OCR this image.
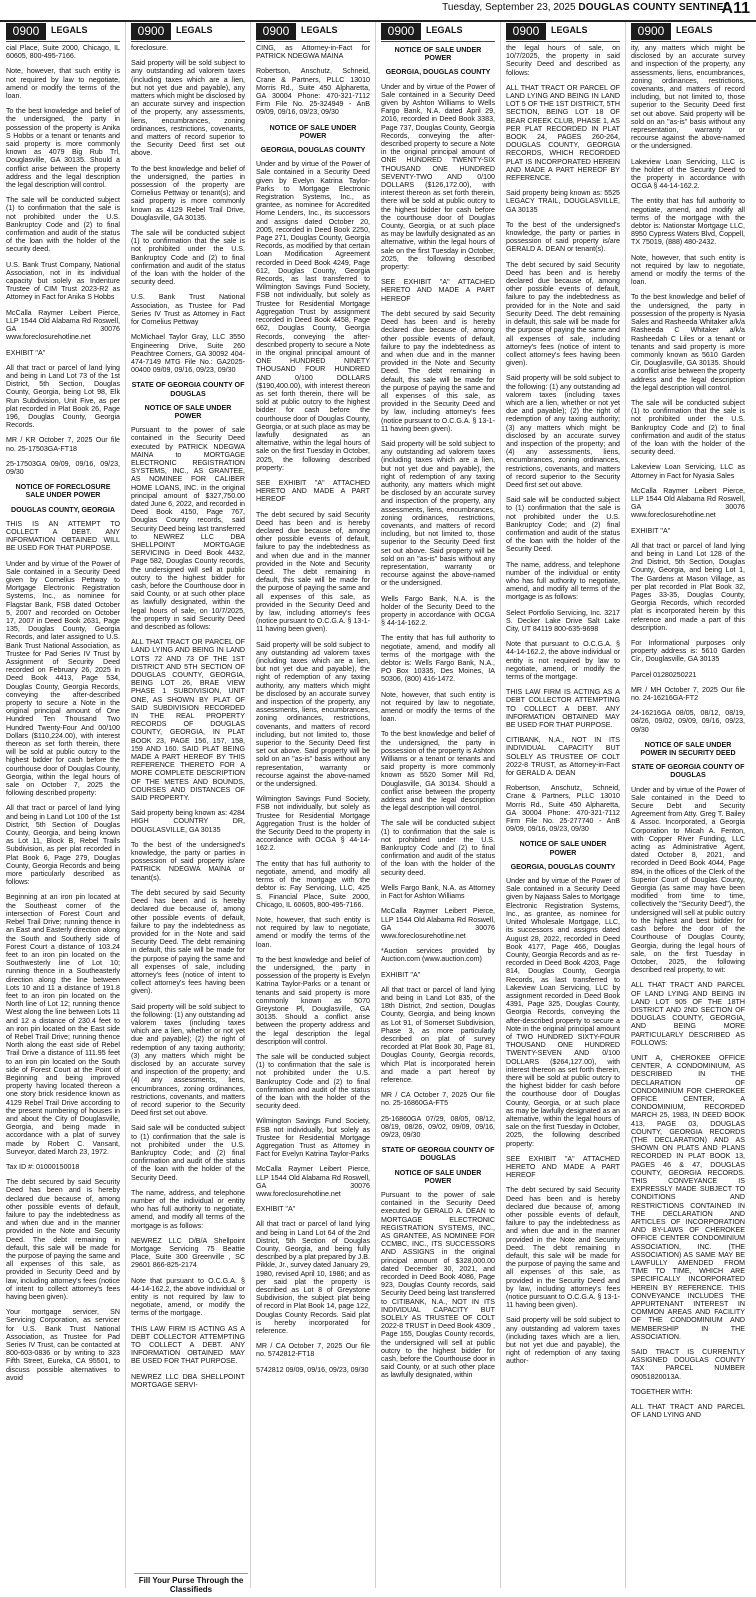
Tuesday, September 23, 2025 DOUGLAS COUNTY SENTINEL
A11
0900	LEGALS

cial Place, Suite 2000, Chicago, IL 60605, 800-495-7166.

Note, however, that such entity is not required by law to negotiate, amend or modify the terms of the loan.

To the best knowledge and belief of the undersigned, the party in possession of the property is Anika S Hobbs or a tenant or tenants and said property is more commonly known as 4079 Big Rub Trl, Douglasville, GA 30135. Should a conflict arise between the property address and the legal description the legal description will control.

The sale will be conducted subject (1) to confirmation that the sale is not prohibited under the U.S. Bankruptcy Code and (2) to final confirmation and audit of the status of the loan with the holder of the security deed.

U.S. Bank Trust Company, National Association, not in its individual capacity but solely as Indenture Trustee of CIM Trust 2023-R2 as Attorney in Fact for Anika S Hobbs

McCalla Raymer Leibert Pierce, LLP 1544 Old Alabama Rd Roswell, GA 30076 www.foreclosurehotline.net

EXHIBIT "A"

All that tract or parcel of land lying and being in Land Lot 73 of the 1st District, 5th Section, Douglas County, Georgia, being Lot 98, Elk Run Subdivision, Unit Five, as per plat recorded in Plat Book 26, Page 196, Douglas County, Georgia Records.

MR / KR October 7, 2025 Our file no. 25-17503GA-FT18

25-17503GA 09/09, 09/16, 09/23, 09/30

NOTICE OF FORECLOSURE SALE UNDER POWER

DOUGLAS COUNTY, GEORGIA

THIS IS AN ATTEMPT TO COLLECT A DEBT. ANY INFORMATION OBTAINED WILL BE USED FOR THAT PURPOSE.

Under and by virtue of the Power of Sale contained in a Security Deed given by Cornelius Pettway to Mortgage Electronic Registration Systems, Inc., as nominee for Flagstar Bank, FSB dated October 5, 2007 and recorded on October 17, 2007 in Deed Book 2631, Page 135, Douglas County, Georgia Records, and later assigned to U.S. Bank Trust National Association, as Trustee for Pad Series IV Trust by Assignment of Security Deed recorded on February 26, 2025 in Deed Book 4413, Page 534, Douglas County, Georgia Records, conveying the after-described property to secure a Note in the original principal amount of One Hundred Ten Thousand Two Hundred Twenty-Four And 00/100 Dollars ($110,224.00), with interest thereon as set forth therein, there will be sold at public outcry to the highest bidder for cash before the courthouse door of Douglas County, Georgia, within the legal hours of sale on October 7, 2025 the following described property:

All that tract or parcel of land lying and being in Land Lot 100 of the 1st District, 5th Section of Douglas County, Georgia, and being known as Lot 11, Block B, Rebel Trails Subdivision, as per plat recorded in Plat Book 6, Page 279, Douglas County, Georgia Records and being more particularly described as follows:

Beginning at an iron pin located at the Southeast corner of the intersection of Forest Court and Rebel Trail Drive; running thence in an East and Easterly direction along the South and Southerly side of Forest Court a distance of 103.24 feet to an iron pin located on the Southwesterly line of Lot 10; running thence in a Southeasterly direction along the line between Lots 10 and 11 a distance of 191.8 feet to an iron pin located on the North line of Lot 12; running thence West along the line between Lots 11 and 12 a distance of 230.4 feet to an iron pin located on the East side of Rebel Trail Drive; running thence North along the east side of Rebel Trail Drive a distance of 111.95 feet to an iron pin located on the South side of Forest Court at the Point of Beginning and being improved property having located thereon a one story brick residence known as 4129 Rebel Trail Drive according to the present numbering of houses in and about the City of Douglasville, Georgia, and being made in accordance with a plat of survey made by Robert C. Vansant, Surveyor, dated March 23, 1972.

Tax ID #: 01000150018

The debt secured by said Security Deed has been and is hereby declared due because of, among other possible events of default, failure to pay the indebtedness as and when due and in the manner provided in the Note and Security Deed. The debt remaining in default, this sale will be made for the purpose of paying the same and all expenses of this sale, as provided in Security Deed and by law, including attorney's fees (notice of intent to collect attorney's fees having been given).

Your mortgage servicer, SN Servicing Corporation, as servicer for U.S. Bank Trust National Association, as Trustee for Pad Series IV Trust, can be contacted at 800-603-0836 or by writing to 323 Fifth Street, Eureka, CA 95501, to discuss possible alternatives to avoid

0900	LEGALS

foreclosure.

Said property will be sold subject to any outstanding ad valorem taxes (including taxes which are a lien, but not yet due and payable), any matters which might be disclosed by an accurate survey and inspection of the property, any assessments, liens, encumbrances, zoning ordinances, restrictions, covenants, and matters of record superior to the Security Deed first set out above.

To the best knowledge and belief of the undersigned, the parties in possession of the property are Cornelius Pettway or tenant(s); and said property is more commonly known as 4129 Rebel Trail Drive, Douglasville, GA 30135.

The sale will be conducted subject (1) to confirmation that the sale is not prohibited under the U.S. Bankruptcy Code and (2) to final confirmation and audit of the status of the loan with the holder of the security deed.

U.S. Bank Trust National Association, as Trustee for Pad Series IV Trust as Attorney in Fact for Cornelius Pettway

McMichael Taylor Gray, LLC 3550 Engineering Drive, Suite 260 Peachtree Corners, GA 30092 404-474-7149 MTG File No.: GA2025-00400 09/09, 09/16, 09/23, 09/30

STATE OF GEORGIA COUNTY OF DOUGLAS

NOTICE OF SALE UNDER POWER

Pursuant to the power of sale contained in the Security Deed executed by PATRICK NDEGWA MAINA to MORTGAGE ELECTRONIC REGISTRATION SYSTEMS, INC., AS GRANTEE, AS NOMINEE FOR CALIBER HOME LOANS, INC. in the original principal amount of $327,750.00 dated June 6, 2022, and recorded in Deed Book 4150, Page 767, Douglas County records, said Security Deed being last transferred to NEWREZ LLC DBA SHELLPOINT MORTGAGE SERVICING in Deed Book 4432, Page 582, Douglas County records, the undersigned will sell at public outcry to the highest bidder for cash, before the Courthouse door in said County, or at such other place as lawfully designated, within the legal hours of sale, on 10/7/2025, the property in said Security Deed and described as follows:

ALL THAT TRACT OR PARCEL OF LAND LYING AND BEING IN LAND LOTS 72 AND 73 OF THE 1ST DISTRICT AND 5TH SECTION OF DOUGLAS COUNTY, GEORGIA, BEING LOT 26, BRAE VIEW PHASE 1 SUBDIVISION, UNIT ONE, AS SHOWN BY PLAT OF SAID SUBDIVISION RECORDED IN THE REAL PROPERTY RECORDS OF DOUGLAS COUNTY, GEORGIA, IN PLAT BOOK 23, PAGE 156, 157, 158, 159 AND 160. SAID PLAT BEING MADE A PART HEREOF BY THIS REFERENCE THERETO FOR A MORE COMPLETE DESCRIPTION OF THE METES AND BOUNDS, COURSES AND DISTANCES OF SAID PROPERTY.

Said property being known as: 4284 HIGH COUNTRY DR, DOUGLASVILLE, GA 30135

To the best of the undersigned's knowledge, the party or parties in possession of said property is/are PATRICK NDEGWA MAINA or tenant(s).

The debt secured by said Security Deed has been and is hereby declared due because of, among other possible events of default, failure to pay the indebtedness as provided for in the Note and said Security Deed. The debt remaining in default, this sale will be made for the purpose of paying the same and all expenses of sale, including attorney's fees (notice of intent to collect attorney's fees having been given).

Said property will be sold subject to the following: (1) any outstanding ad valorem taxes (including taxes which are a lien, whether or not yet due and payable); (2) the right of redemption of any taxing authority; (3) any matters which might be disclosed by an accurate survey and inspection of the property; and (4) any assessments, liens, encumbrances, zoning ordinances, restrictions, covenants, and matters of record superior to the Security Deed first set out above.

Said sale will be conducted subject to (1) confirmation that the sale is not prohibited under the U.S. Bankruptcy Code; and (2) final confirmation and audit of the status of the loan with the holder of the Security Deed.

The name, address, and telephone number of the individual or entity who has full authority to negotiate, amend, and modify all terms of the mortgage is as follows:

NEWREZ LLC D/B/A Shellpoint Mortgage Servicing 75 Beattie Place, Suite 300 Greenville , SC 29601 866-825-2174

Note that pursuant to O.C.G.A. § 44-14-162.2, the above individual or entity is not required by law to negotiate, amend, or modify the terms of the mortgage.

THIS LAW FIRM IS ACTING AS A DEBT COLLECTOR ATTEMPTING TO COLLECT A DEBT. ANY INFORMATION OBTAINED MAY BE USED FOR THAT PURPOSE.

NEWREZ LLC DBA SHELLPOINT MORTGAGE SERVI-

0900	LEGALS

CING, as Attorney-in-Fact for PATRICK NDEGWA MAINA

Robertson, Anschutz, Schneid, Crane & Partners, PLLC 13010 Morris Rd., Suite 450 Alpharetta, GA 30004 Phone: 470-321-7112 Firm File No. 25-324949 - AnB 09/09, 09/16, 09/23, 09/30

NOTICE OF SALE UNDER POWER

GEORGIA, DOUGLAS COUNTY

Under and by virtue of the Power of Sale contained in a Security Deed given by Evelyn Katrina Taylor-Parks to Mortgage Electronic Registration Systems, Inc., as grantee, as nominee for Accredited Home Lenders, Inc., its successors and assigns dated October 20, 2005, recorded in Deed Book 2250, Page 271, Douglas County, Georgia Records, as modified by that certain Loan Modification Agreement recorded in Deed Book 4249, Page 612, Douglas County, Georgia Records, as last transferred to Wilmington Savings Fund Society, FSB not individually, but solely as Trustee for Residential Mortgage Aggregation Trust by assignment recorded in Deed Book 4458, Page 662, Douglas County, Georgia Records, conveying the after-described property to secure a Note in the original principal amount of ONE HUNDRED NINETY THOUSAND FOUR HUNDRED AND 0/100 DOLLARS ($190,400.00), with interest thereon as set forth therein, there will be sold at public outcry to the highest bidder for cash before the courthouse door of Douglas County, Georgia, or at such place as may be lawfully designated as an alternative, within the legal hours of sale on the first Tuesday in October, 2025, the following described property:

SEE EXHIBIT "A" ATTACHED HERETO AND MADE A PART HEREOF

The debt secured by said Security Deed has been and is hereby declared due because of, among other possible events of default, failure to pay the indebtedness as and when due and in the manner provided in the Note and Security Deed. The debt remaining in default, this sale will be made for the purpose of paying the same and all expenses of this sale, as provided in the Security Deed and by law, including attorney's fees (notice pursuant to O.C.G.A. § 13-1-11 having been given).

Said property will be sold subject to any outstanding ad valorem taxes (including taxes which are a lien, but not yet due and payable), the right of redemption of any taxing authority, any matters which might be disclosed by an accurate survey and inspection of the property, any assessments, liens, encumbrances, zoning ordinances, restrictions, covenants, and matters of record including, but not limited to, those superior to the Security Deed first set out above. Said property will be sold on an "as-is" basis without any representation, warranty or recourse against the above-named or the undersigned.

Wilmington Savings Fund Society, FSB not individually, but solely as Trustee for Residential Mortgage Aggregation Trust is the holder of the Security Deed to the property in accordance with OCGA § 44-14-162.2.

The entity that has full authority to negotiate, amend, and modify all terms of the mortgage with the debtor is: Fay Servicing, LLC, 425 S. Financial Place, Suite 2000, Chicago, IL 60605, 800-495-7166.

Note, however, that such entity is not required by law to negotiate, amend or modify the terms of the loan.

To the best knowledge and belief of the undersigned, the party in possession of the property is Evelyn Katrina Taylor-Parks or a tenant or tenants and said property is more commonly known as 5070 Greystone Pl, Douglasville, GA 30135. Should a conflict arise between the property address and the legal description the legal description will control.

The sale will be conducted subject (1) to confirmation that the sale is not prohibited under the U.S. Bankruptcy Code and (2) to final confirmation and audit of the status of the loan with the holder of the security deed.

Wilmington Savings Fund Society, FSB not individually, but solely as Trustee for Residential Mortgage Aggregation Trust as Attorney in Fact for Evelyn Katrina Taylor-Parks

McCalla Raymer Leibert Pierce, LLP 1544 Old Alabama Rd Roswell, GA 30076 www.foreclosurehotline.net

EXHIBIT "A"

All that tract or parcel of land lying and being in Land Lot 64 of the 2nd District, 5th Section of Douglas County, Georgia, and being fully described by a plat prepared by J.B. Pikkle, Jr., survey dated January 29, 1980, revised April 10, 1986; and as per said plat the property is described as Lot 8 of Greystone Subdivision, the subject plat being of record in Plat Book 14, page 122, Douglas County Records. Said plat is hereby incorporated for reference.

MR / CA October 7, 2025 Our file no. 5742812-FT18

5742812 09/09, 09/16, 09/23, 09/30

0900	LEGALS

NOTICE OF SALE UNDER POWER

GEORGIA, DOUGLAS COUNTY

Under and by virtue of the Power of Sale contained in a Security Deed given by Ashton Williams to Wells Fargo Bank, N.A. dated April 29, 2016, recorded in Deed Book 3383, Page 737, Douglas County, Georgia Records, conveying the after-described property to secure a Note in the original principal amount of ONE HUNDRED TWENTY-SIX THOUSAND ONE HUNDRED SEVENTY-TWO AND 0/100 DOLLARS ($126,172.00), with interest thereon as set forth therein, there will be sold at public outcry to the highest bidder for cash before the courthouse door of Douglas County, Georgia, or at such place as may be lawfully designated as an alternative, within the legal hours of sale on the first Tuesday in October, 2025, the following described property:

SEE EXHIBIT "A" ATTACHED HERETO AND MADE A PART HEREOF

The debt secured by said Security Deed has been and is hereby declared due because of, among other possible events of default, failure to pay the indebtedness as and when due and in the manner provided in the Note and Security Deed. The debt remaining in default, this sale will be made for the purpose of paying the same and all expenses of this sale, as provided in the Security Deed and by law, including attorney's fees (notice pursuant to O.C.G.A. § 13-1-11 having been given).

Said property will be sold subject to any outstanding ad valorem taxes (including taxes which are a lien, but not yet due and payable), the right of redemption of any taxing authority, any matters which might be disclosed by an accurate survey and inspection of the property, any assessments, liens, encumbrances, zoning ordinances, restrictions, covenants, and matters of record including, but not limited to, those superior to the Security Deed first set out above. Said property will be sold on an "as-is" basis without any representation, warranty or recourse against the above-named or the undersigned.

Wells Fargo Bank, N.A. is the holder of the Security Deed to the property in accordance with OCGA § 44-14-162.2.

The entity that has full authority to negotiate, amend, and modify all terms of the mortgage with the debtor is: Wells Fargo Bank, N.A., PO Box 10335, Des Moines, IA 50306, (800) 416-1472.

Note, however, that such entity is not required by law to negotiate, amend or modify the terms of the loan.

To the best knowledge and belief of the undersigned, the party in possession of the property is Ashton Williams or a tenant or tenants and said property is more commonly known as 5520 Somer Mill Rd, Douglasville, GA 30134. Should a conflict arise between the property address and the legal description the legal description will control.

The sale will be conducted subject (1) to confirmation that the sale is not prohibited under the U.S. Bankruptcy Code and (2) to final confirmation and audit of the status of the loan with the holder of the security deed.

Wells Fargo Bank, N.A. as Attorney in Fact for Ashton Williams

McCalla Raymer Leibert Pierce, LLP 1544 Old Alabama Rd Roswell, GA 30076 www.foreclosurehotline.net

*Auction services provided by Auction.com (www.auction.com)

EXHIBIT "A"

All that tract or parcel of land lying and being in Land Lot 835, of the 18th District, 2nd section, Douglas County, Georgia, and being known as Lot 91, of Somerset Subdivision, Phase 3, as more particularly described on plat of survey recorded at Plat Book 30, Page 81, Douglas County, Georgia records, which Plat is incorporated herein and made a part hereof by reference.

MR / CA October 7, 2025 Our file no. 25-16860GA-FT5

25-16860GA 07/29, 08/05, 08/12, 08/19, 08/26, 09/02, 09/09, 09/16, 09/23, 09/30

STATE OF GEORGIA COUNTY OF DOUGLAS

NOTICE OF SALE UNDER POWER

Pursuant to the power of sale contained in the Security Deed executed by GERALD A. DEAN to MORTGAGE ELECTRONIC REGISTRATION SYSTEMS, INC., AS GRANTEE, AS NOMINEE FOR CCMBC, INC., ITS SUCCESSORS AND ASSIGNS in the original principal amount of $328,000.00 dated December 30, 2021, and recorded in Deed Book 4086, Page 923, Douglas County records, said Security Deed being last transferred to CITIBANK, N.A., NOT IN ITS INDIVIDUAL CAPACITY BUT SOLELY AS TRUSTEE OF COLT 2022-8 TRUST in Deed Book 4309 , Page 155, Douglas County records, the undersigned will sell at public outcry to the highest bidder for cash, before the Courthouse door in said County, or at such other place as lawfully designated, within

0900	LEGALS

the legal hours of sale, on 10/7/2025, the property in said Security Deed and described as follows:

ALL THAT TRACT OR PARCEL OF LAND LYING AND BEING IN LAND LOT 5 OF THE 1ST DISTRICT, 5TH SECTION, BEING LOT 18 OF BEAR CREEK CLUB, PHASE 1, AS PER PLAT RECORDED IN PLAT BOOK 24, PAGES 260-264, DOUGLAS COUNTY, GEORGIA RECORDS, WHICH RECORDED PLAT IS INCORPORATED HEREIN AND MADE A PART HEREOF BY REFERENCE.

Said property being known as: 5525 LEGACY TRAIL, DOUGLASVILLE, GA 30135

To the best of the undersigned's knowledge, the party or parties in possession of said property is/are GERALD A. DEAN or tenant(s).

The debt secured by said Security Deed has been and is hereby declared due because of, among other possible events of default, failure to pay the indebtedness as provided for in the Note and said Security Deed. The debt remaining in default, this sale will be made for the purpose of paying the same and all expenses of sale, including attorney's fees (notice of intent to collect attorney's fees having been given).

Said property will be sold subject to the following: (1) any outstanding ad valorem taxes (including taxes which are a lien, whether or not yet due and payable); (2) the right of redemption of any taxing authority; (3) any matters which might be disclosed by an accurate survey and inspection of the property; and (4) any assessments, liens, encumbrances, zoning ordinances, restrictions, covenants, and matters of record superior to the Security Deed first set out above.

Said sale will be conducted subject to (1) confirmation that the sale is not prohibited under the U.S. Bankruptcy Code; and (2) final confirmation and audit of the status of the loan with the holder of the Security Deed.

The name, address, and telephone number of the individual or entity who has full authority to negotiate, amend, and modify all terms of the mortgage is as follows:

Select Portfolio Servicing, Inc. 3217 S. Decker Lake Drive Salt Lake City, UT 84119 800-635-9698

Note that pursuant to O.C.G.A. § 44-14-162.2, the above individual or entity is not required by law to negotiate, amend, or modify the terms of the mortgage.

THIS LAW FIRM IS ACTING AS A DEBT COLLECTOR ATTEMPTING TO COLLECT A DEBT. ANY INFORMATION OBTAINED MAY BE USED FOR THAT PURPOSE.

CITIBANK, N.A., NOT IN ITS INDIVIDUAL CAPACITY BUT SOLELY AS TRUSTEE OF COLT 2022-8 TRUST, as Attorney-in-Fact for GERALD A. DEAN

Robertson, Anschutz, Schneid, Crane & Partners, PLLC 13010 Morris Rd., Suite 450 Alpharetta, GA 30004 Phone: 470-321-7112 Firm File No. 25-277740 - AnB 09/09, 09/16, 09/23, 09/30

NOTICE OF SALE UNDER POWER

GEORGIA, DOUGLAS COUNTY

Under and by virtue of the Power of Sale contained in a Security Deed given by Najaass Sales to Mortgage Electronic Registration Systems, Inc., as grantee, as nominee for United Wholesale Mortgage, LLC, its successors and assigns dated August 28, 2022, recorded in Deed Book 4177, Page 466, Douglas County, Georgia Records and as re-recorded in Deed Book 4203, Page 814, Douglas County, Georgia Records, as last transferred to Lakeview Loan Servicing, LLC by assignment recorded in Deed Book 4391, Page 325, Douglas County, Georgia Records, conveying the after-described property to secure a Note in the original principal amount of TWO HUNDRED SIXTY-FOUR THOUSAND ONE HUNDRED TWENTY-SEVEN AND 0/100 DOLLARS ($264,127.00), with interest thereon as set forth therein, there will be sold at public outcry to the highest bidder for cash before the courthouse door of Douglas County, Georgia, or at such place as may be lawfully designated as an alternative, within the legal hours of sale on the first Tuesday in October, 2025, the following described property:

SEE EXHIBIT "A" ATTACHED HERETO AND MADE A PART HEREOF

The debt secured by said Security Deed has been and is hereby declared due because of, among other possible events of default, failure to pay the indebtedness as and when due and in the manner provided in the Note and Security Deed. The debt remaining in default, this sale will be made for the purpose of paying the same and all expenses of this sale, as provided in the Security Deed and by law, including attorney's fees (notice pursuant to O.C.G.A. § 13-1-11 having been given).

Said property will be sold subject to any outstanding ad valorem taxes (including taxes which are a lien, but not yet due and payable), the right of redemption of any taxing author-

0900	LEGALS

ity, any matters which might be disclosed by an accurate survey and inspection of the property, any assessments, liens, encumbrances, zoning ordinances, restrictions, covenants, and matters of record including, but not limited to, those superior to the Security Deed first set out above. Said property will be sold on an "as-is" basis without any representation, warranty or recourse against the above-named or the undersigned.

Lakeview Loan Servicing, LLC is the holder of the Security Deed to the property in accordance with OCGA § 44-14-162.2.

The entity that has full authority to negotiate, amend, and modify all terms of the mortgage with the debtor is: Nationstar Mortgage LLC, 8950 Cypress Waters Blvd, Coppell, TX 75019, (888) 480-2432.

Note, however, that such entity is not required by law to negotiate, amend or modify the terms of the loan.

To the best knowledge and belief of the undersigned, the party in possession of the property is Nyasia Sales and Rasheeda Whitaker a/k/a Rasheeda C Whitaker a/k/a Rasheedah C Liles or a tenant or tenants and said property is more commonly known as 5610 Garden Cir, Douglasville, GA 30135. Should a conflict arise between the property address and the legal description the legal description will control.

The sale will be conducted subject (1) to confirmation that the sale is not prohibited under the U.S. Bankruptcy Code and (2) to final confirmation and audit of the status of the loan with the holder of the security deed.

Lakeview Loan Servicing, LLC as Attorney in Fact for Nyasia Sales

McCalla Raymer Leibert Pierce, LLP 1544 Old Alabama Rd Roswell, GA 30076 www.foreclosurehotline.net

EXHIBIT "A"

All that tract or parcel of land lying and being in Land Lot 128 of the 2nd District, 5th Section, Douglas County, Georgia, and being Lot 1, The Gardens at Mason Village, as per plat recorded in Plat Book 32, Pages 33-35, Douglas County, Georgia Records, which recorded plat is incorporated herein by this reference and made a part of this description.

For Informational purposes only property address is: 5610 Garden Cir., Douglasville, GA 30135

Parcel 01280250221

MR / MH October 7, 2025 Our file no. 24-16216GA-FT2

24-16216GA 08/05, 08/12, 08/19, 08/26, 09/02, 09/09, 09/16, 09/23, 09/30

NOTICE OF SALE UNDER POWER IN SECURITY DEED

STATE OF GEORGIA COUNTY OF DOUGLAS

Under and by virtue of the Power of Sale contained in the Deed to Secure Debt and Security Agreement from Atty. Greg T. Bailey & Assoc. Incorporated, a Georgia Corporation to Micah A. Fenton, with Copper River Funding, LLC acting as Administrative Agent, dated October 8, 2021, and recorded in Deed Book 4044, Page 894, in the offices of the Clerk of the Superior Court of Douglas County, Georgia (as same may have been modified from time to time, collectively the "Security Deed"), the undersigned will sell at public outcry to the highest and best bidder for cash before the door of the Courthouse of Douglas County, Georgia, during the legal hours of sale, on the first Tuesday in October, 2025, the following described real property, to wit:

ALL THAT TRACT AND PARCEL OF LAND LYING AND BEING IN LAND LOT 905 OF THE 18TH DISTRICT AND 2ND SECTION OF DOUGLAS COUNTY, GEORGIA, AND BEING MORE PARTICULARLY DESCRIBED AS FOLLOWS:

UNIT A, CHEROKEE OFFICE CENTER, A CONDOMINIUM, AS DESCRIBED IN THE DECLARATION OF CONDOMINIUM FOR CHEROKEE OFFICE CENTER, A CONDOMINIUM, RECORDED MARCH 25, 1983, IN DEED BOOK 413, PAGE 03, DOUGLAS COUNTY, GEORGIA RECORDS (THE DECLARATION) AND AS SHOWN ON PLATS AND PLANS RECORDED IN PLAT BOOK 13, PAGES 46 & 47, DOUGLAS COUNTY, GEORGIA RECORDS. THIS CONVEYANCE IS EXPRESSLY MADE SUBJECT TO CONDITIONS AND RESTRICTIONS CONTAINED IN THE DECLARATION AND ARTICLES OF INCORPORATION AND BY-LAWS OF CHEROKEE OFFICE CENTER CONDOMINIUM ASSOCIATION, INC. (THE ASSOCIATION) AS SAME MAY BE LAWFULLY AMENDED FROM TIME TO TIME, WHICH ARE SPECIFICALLY INCORPORATED HEREIN BY REFERENCE. THIS CONVEYANCE INCLUDES THE APPURTENANT INTEREST IN COMMON AREAS AND FACILITY OF THE CONDOMINIUM AND MEMBERSHIP IN THE ASSOCIATION.

SAID TRACT IS CURRENTLY ASSIGNED DOUGLAS COUNTY TAX PARCEL NUMBER 09051820013A.

TOGETHER WITH:

ALL THAT TRACT AND PARCEL OF LAND LYING AND

Fill Your Purse Through the Classifieds
